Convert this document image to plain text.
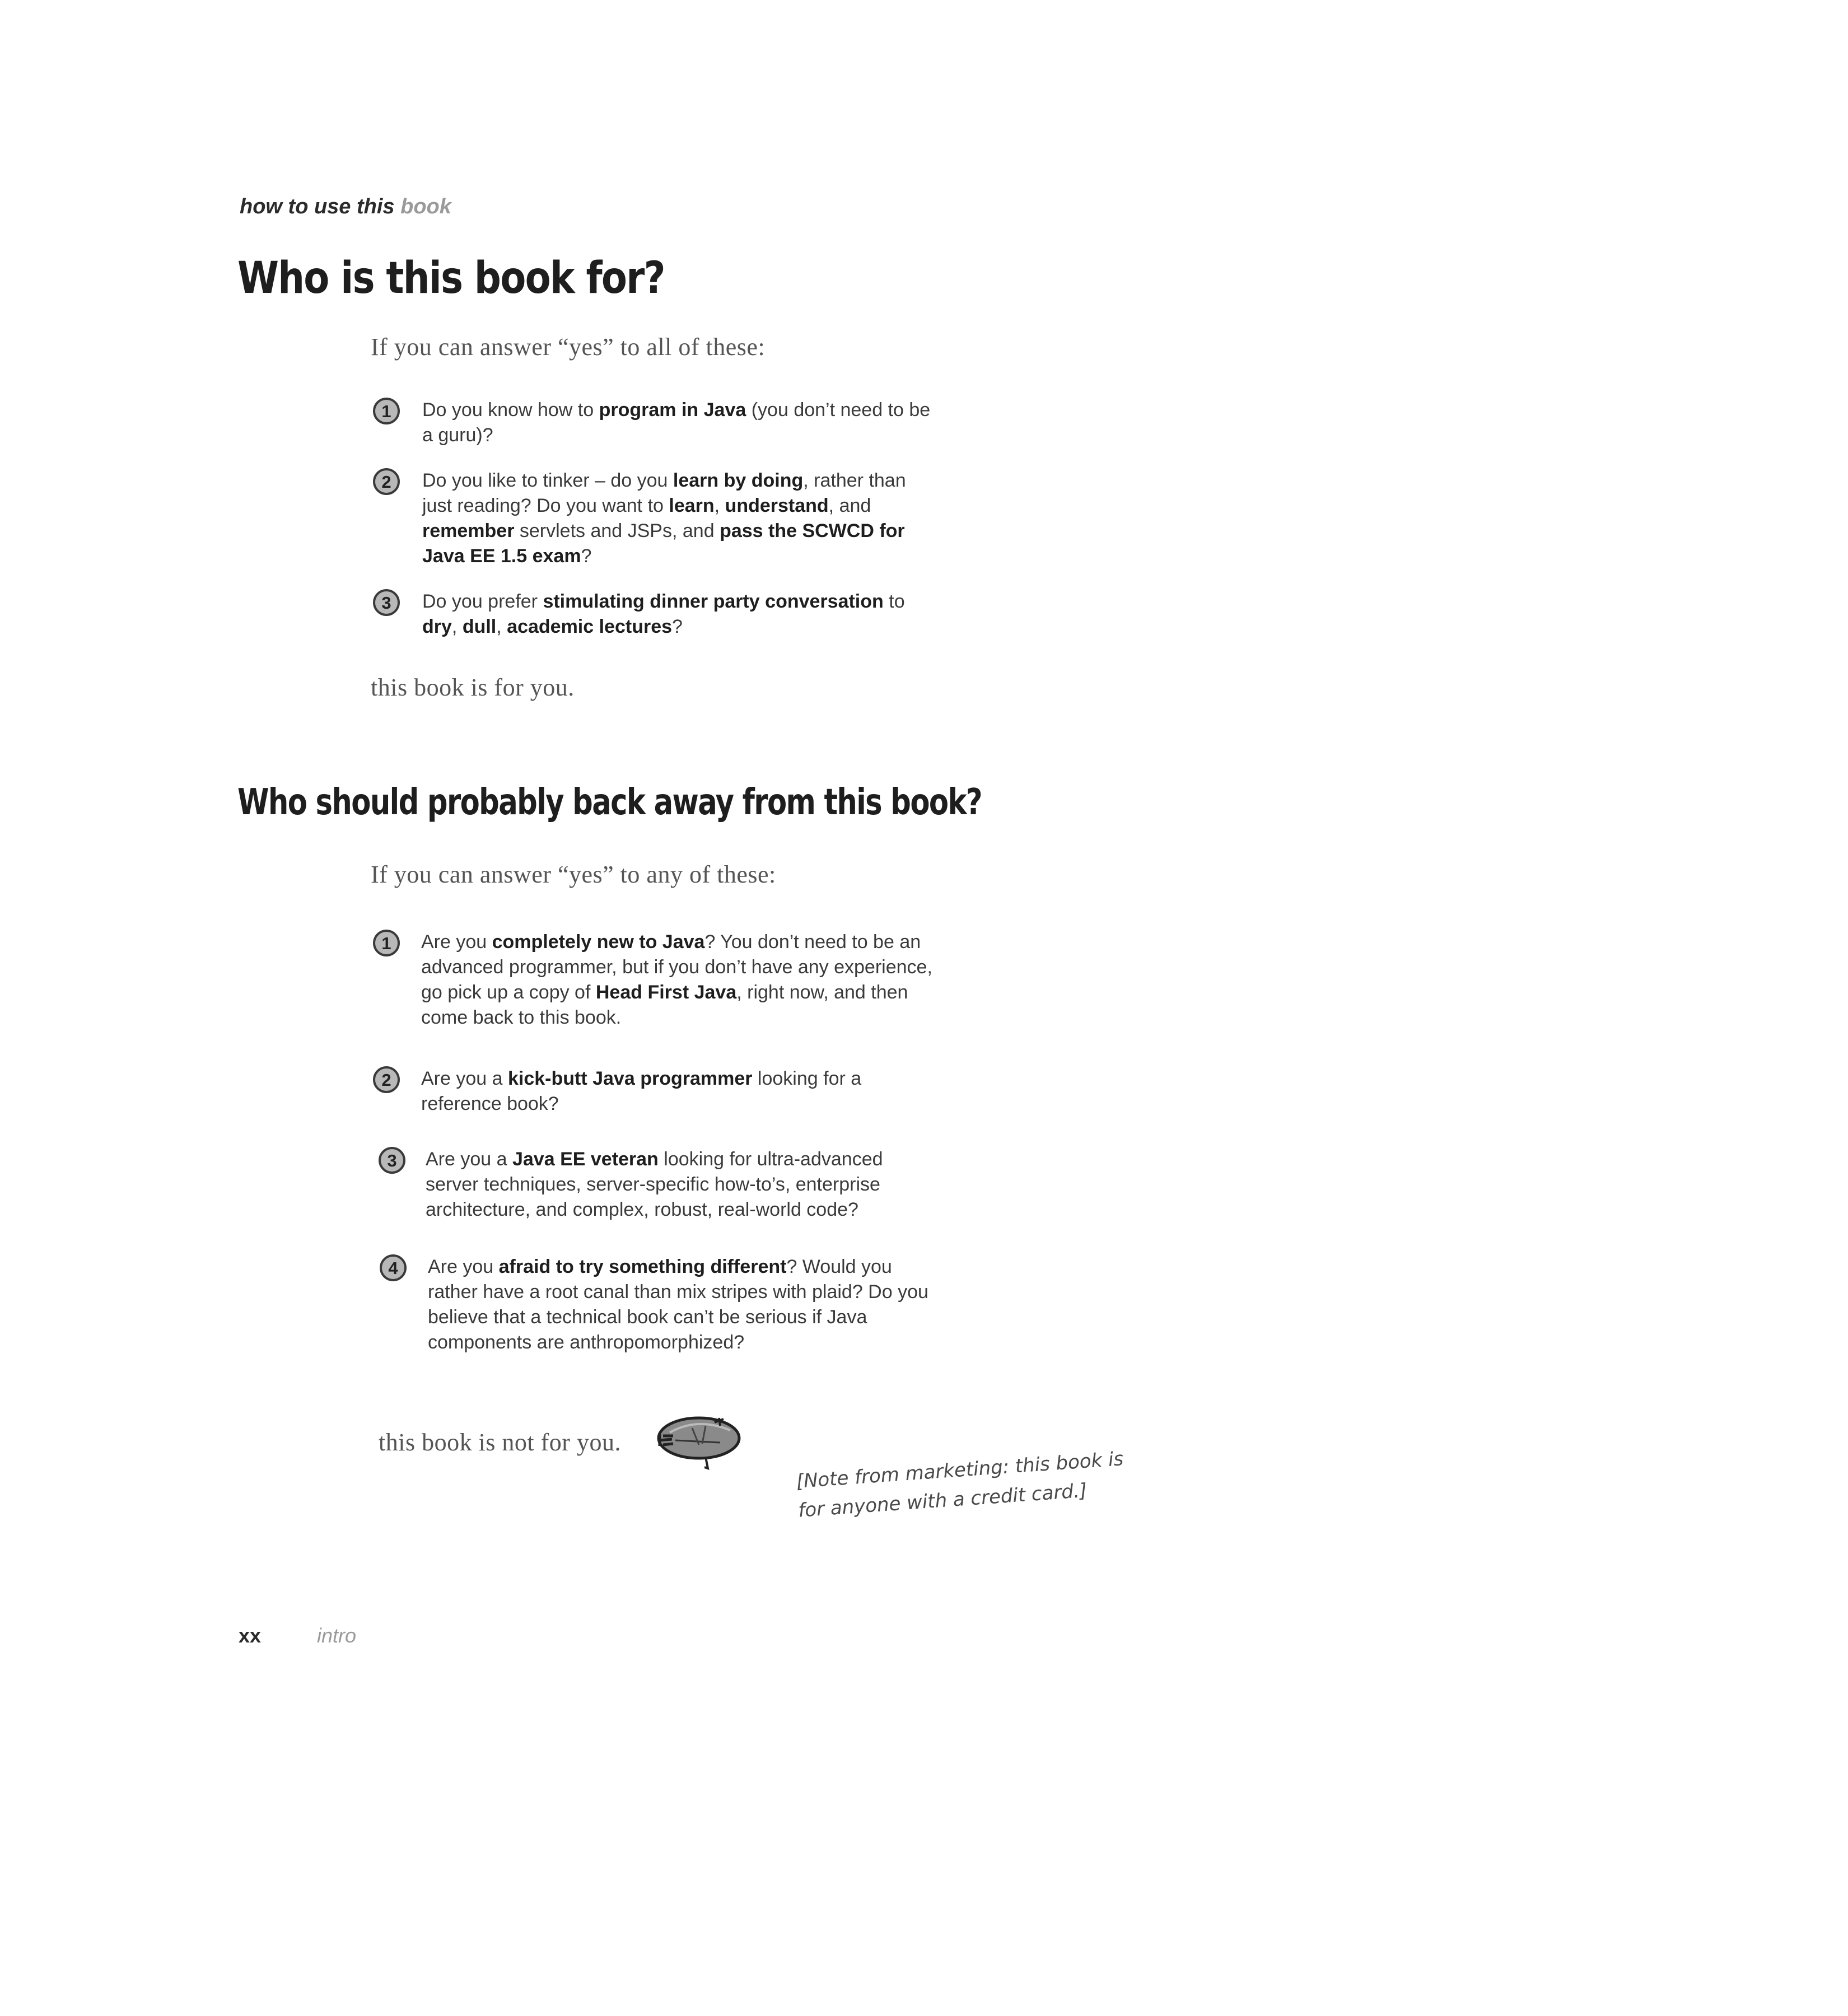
how to use this book
Who is this book for?
If you can answer “yes” to all of these:
1	Do you know how to program in Java (you don’t need to be a guru)?
2	Do you like to tinker – do you learn by doing, rather than just reading? Do you want to learn, understand, and remember servlets and JSPs, and pass the SCWCD for Java EE 1.5 exam?
3	Do you prefer stimulating dinner party conversation to dry, dull, academic lectures?
this book is for you.
Who should probably back away from this book?
If you can answer “yes” to any of these:
1	Are you completely new to Java? You don’t need to be an advanced programmer, but if you don’t have any experience, go pick up a copy of Head First Java, right now, and then come back to this book.
2	Are you a kick-butt Java programmer looking for a reference book?
3	Are you a Java EE veteran looking for ultra-advanced server techniques, server-specific how-to’s, enterprise architecture, and complex, robust, real-world code?
4	Are you afraid to try something different? Would you rather have a root canal than mix stripes with plaid? Do you believe that a technical book can’t be serious if Java components are anthropomorphized?
this book is not for you.
[Note from marketing: this book is for anyone with a credit card.]
xx	intro
